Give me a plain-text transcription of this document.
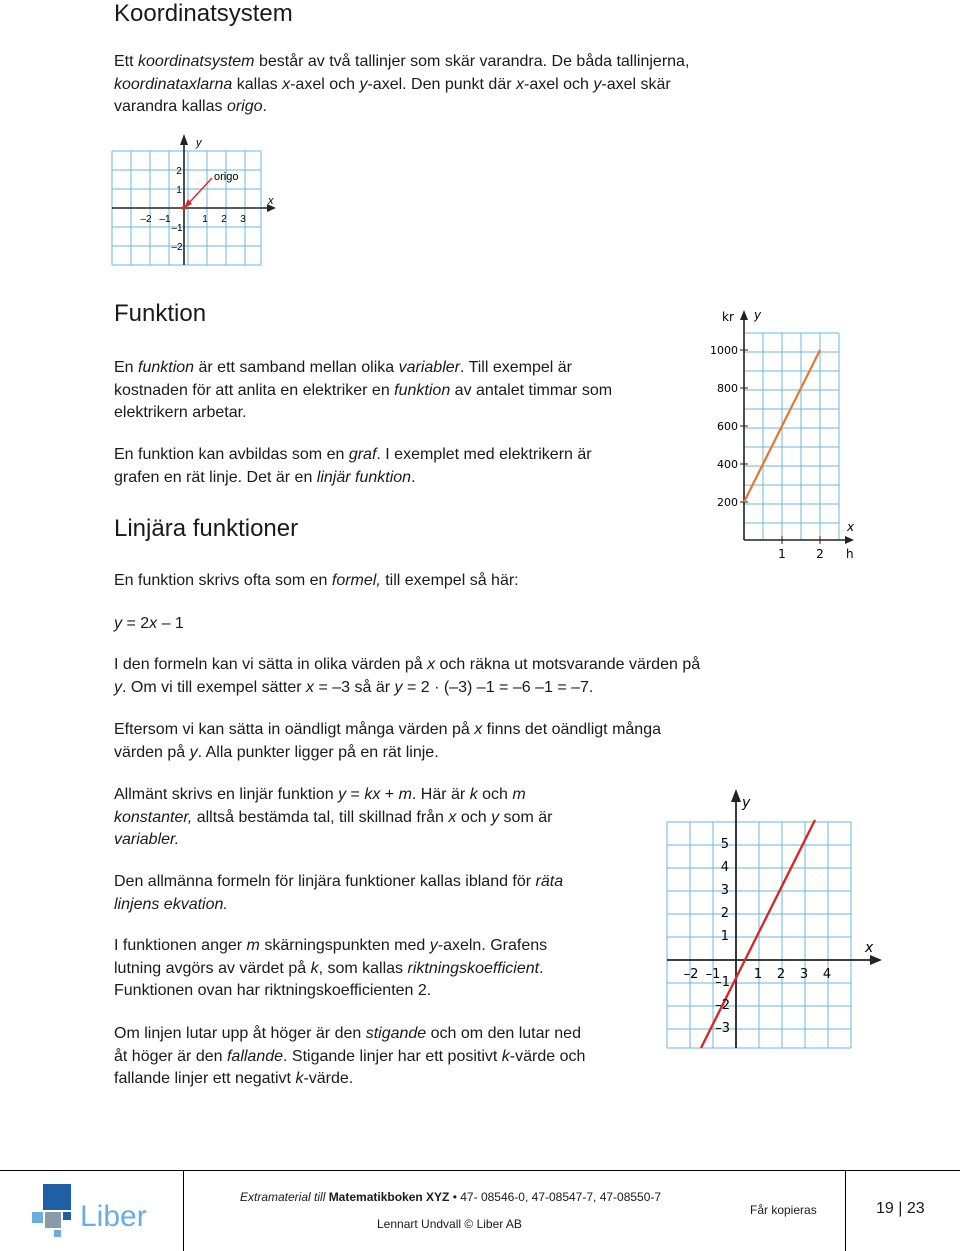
Koordinatsystem

Ett koordinatsystem består av två tallinjer som skär varandra. De båda tallinjerna,
koordinataxlarna kallas x-axel och y-axel. Den punkt där x-axel och y-axel skär
varandra kallas origo.

y
x
origo
–2 –1	1 2 3
2
1
–1
–2
Funktion

En funktion är ett samband mellan olika variabler. Till exempel är
kostnaden för att anlita en elektriker en funktion av antalet timmar som
elektrikern arbetar.

En funktion kan avbildas som en graf. I exemplet med elektrikern är
grafen en rät linje. Det är en linjär funktion.

kr y
x
h
1000
800
600
400
200
1	2
Linjära funktioner

En funktion skrivs ofta som en formel, till exempel så här:

y = 2x – 1

I den formeln kan vi sätta in olika värden på x och räkna ut motsvarande värden på
y. Om vi till exempel sätter x = –3 så är y = 2 · (–3) –1 = –6 –1 = –7.

Eftersom vi kan sätta in oändligt många värden på x finns det oändligt många
värden på y. Alla punkter ligger på en rät linje.

Allmänt skrivs en linjär funktion y = kx + m. Här är k och m
konstanter, alltså bestämda tal, till skillnad från x och y som är
variabler.

Den allmänna formeln för linjära funktioner kallas ibland för räta
linjens ekvation.

I funktionen anger m skärningspunkten med y-axeln. Grafens
lutning avgörs av värdet på k, som kallas riktningskoefficient.
Funktionen ovan har riktningskoefficienten 2.

Om linjen lutar upp åt höger är den stigande och om den lutar ned
åt höger är den fallande. Stigande linjer har ett positivt k-värde och
fallande linjer ett negativt k-värde.

y
x
5
4
3
2
1
–1
–2
–3
–2 –1	1 2 3 4
Liber
Extramaterial till Matematikboken XYZ • 47- 08546-0, 47-08547-7, 47-08550-7
Lennart Undvall © Liber AB
Får kopieras	19 | 23
